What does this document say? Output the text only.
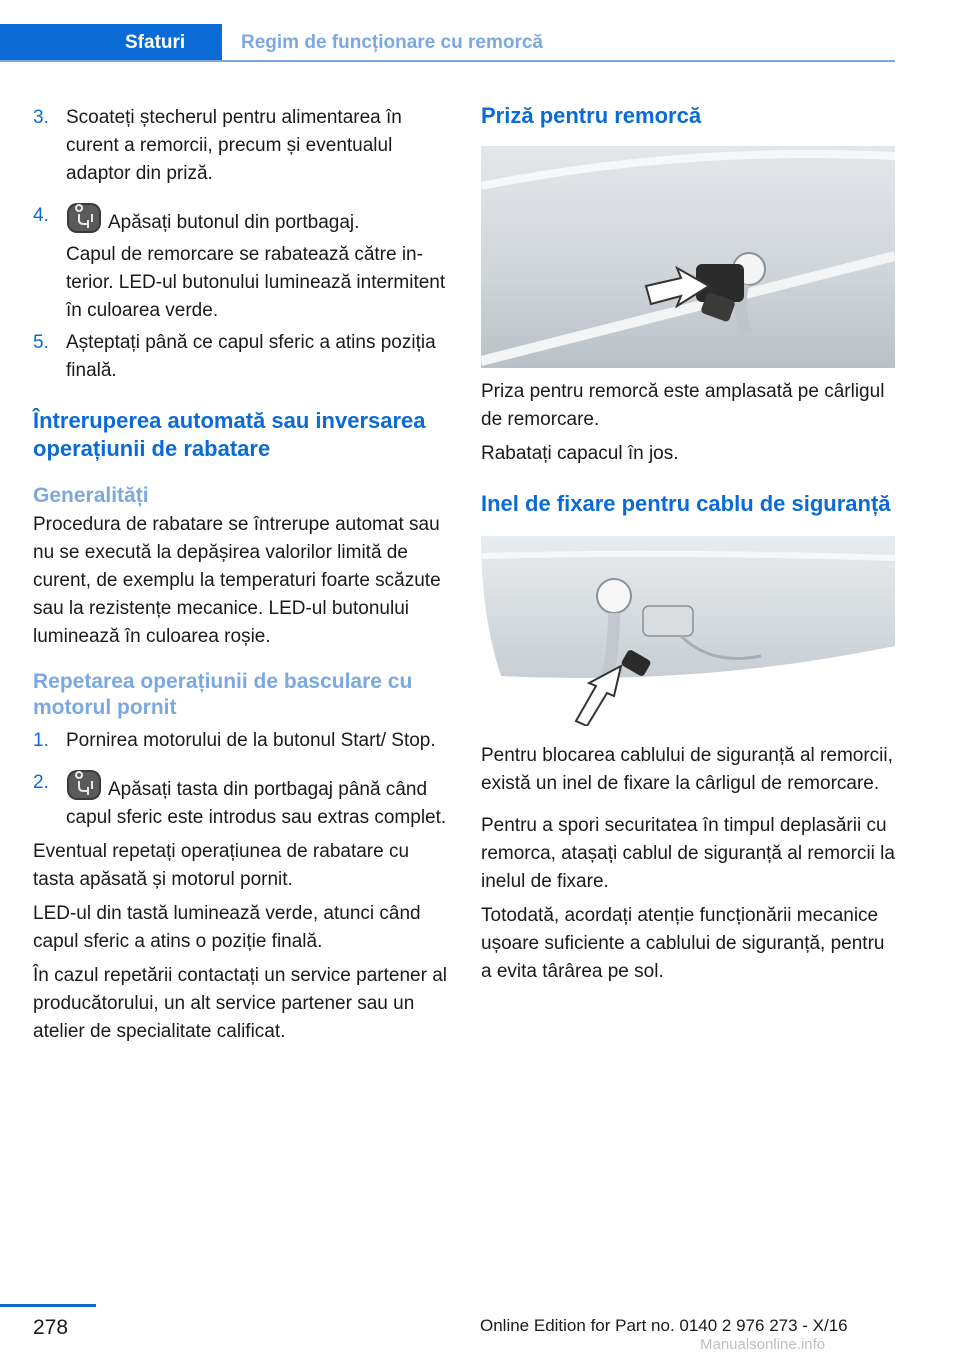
Sfaturi	Regim de funcționare cu remorcă
3. Scoateți ștecherul pentru alimentarea în curent a remorcii, precum și eventualul adaptor din priză.

4.	Apăsați butonul din portbagaj.

Capul de remorcare se rabatează către interior. LED-ul butonului luminează intermitent în culoarea verde.

5. Așteptați până ce capul sferic a atins poziția finală.

Întreruperea automată sau inversarea operațiunii de rabatare

Generalități

Procedura de rabatare se întrerupe automat sau nu se execută la depășirea valorilor limită de curent, de exemplu la temperaturi foarte scăzute sau la rezistențe mecanice. LED-ul butonului luminează în culoarea roșie.

Repetarea operațiunii de basculare cu motorul pornit

1. Pornirea motorului de la butonul Start/ Stop.

2.	Apăsați tasta din portbagaj până când capul sferic este introdus sau extras complet.

Eventual repetați operațiunea de rabatare cu tasta apăsată și motorul pornit.

LED-ul din tastă luminează verde, atunci când capul sferic a atins o poziție finală.

În cazul repetării contactați un service partener al producătorului, un alt service partener sau un atelier de specialitate calificat.

Priză pentru remorcă

Priza pentru remorcă este amplasată pe cârligul de remorcare.

Rabatați capacul în jos.

Inel de fixare pentru cablu de siguranță

Pentru blocarea cablului de siguranță al remorcii, există un inel de fixare la cârligul de remorcare.

Pentru a spori securitatea în timpul deplasării cu remorca, atașați cablul de siguranță al remorcii la inelul de fixare.

Totodată, acordați atenție funcționării mecanice ușoare suficiente a cablului de siguranță, pentru a evita târârea pe sol.

278	Online Edition for Part no. 0140 2 976 273 - X/16
Manualsonline.info
